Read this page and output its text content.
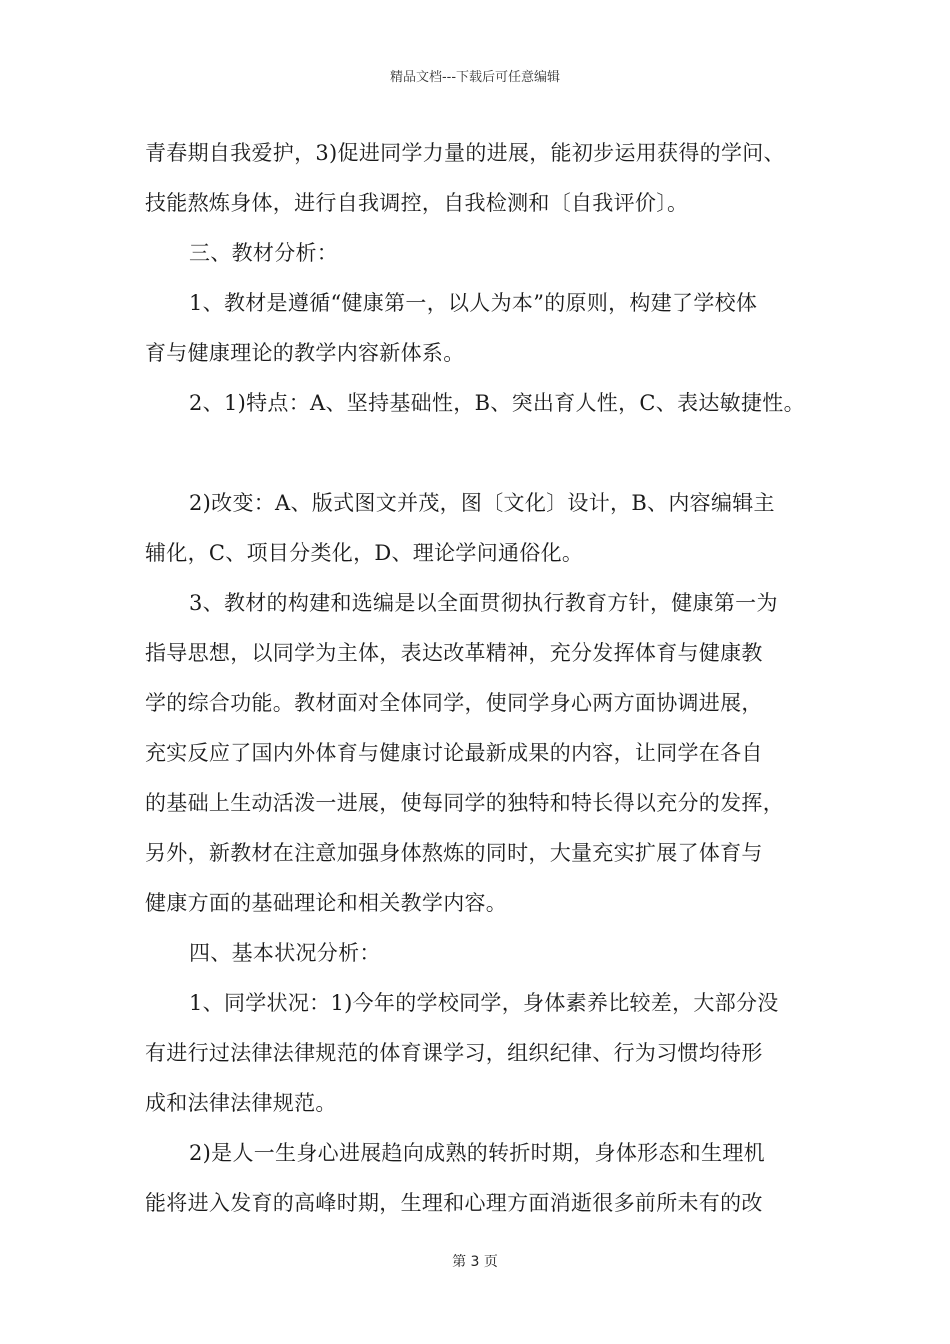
精品文档---下载后可任意编辑
青春期自我爱护，3)促进同学力量的进展，能初步运用获得的学问、
技能熬炼身体，进行自我调控，自我检测和〔自我评价〕。
三、教材分析：
1、教材是遵循“健康第一，以人为本”的原则，构建了学校体
育与健康理论的教学内容新体系。
2、1)特点：A、坚持基础性，B、突出育人性，C、表达敏捷性。
2)改变：A、版式图文并茂，图〔文化〕设计，B、内容编辑主
辅化，C、项目分类化，D、理论学问通俗化。
3、教材的构建和选编是以全面贯彻执行教育方针，健康第一为
指导思想，以同学为主体，表达改革精神，充分发挥体育与健康教
学的综合功能。教材面对全体同学，使同学身心两方面协调进展，
充实反应了国内外体育与健康讨论最新成果的内容，让同学在各自
的基础上生动活泼一进展，使每同学的独特和特长得以充分的发挥，
另外，新教材在注意加强身体熬炼的同时，大量充实扩展了体育与
健康方面的基础理论和相关教学内容。
四、基本状况分析：
1、同学状况：1)今年的学校同学，身体素养比较差，大部分没
有进行过法律法律规范的体育课学习，组织纪律、行为习惯均待形
成和法律法律规范。
2)是人一生身心进展趋向成熟的转折时期，身体形态和生理机
能将进入发育的高峰时期，生理和心理方面消逝很多前所未有的改
第 3 页
